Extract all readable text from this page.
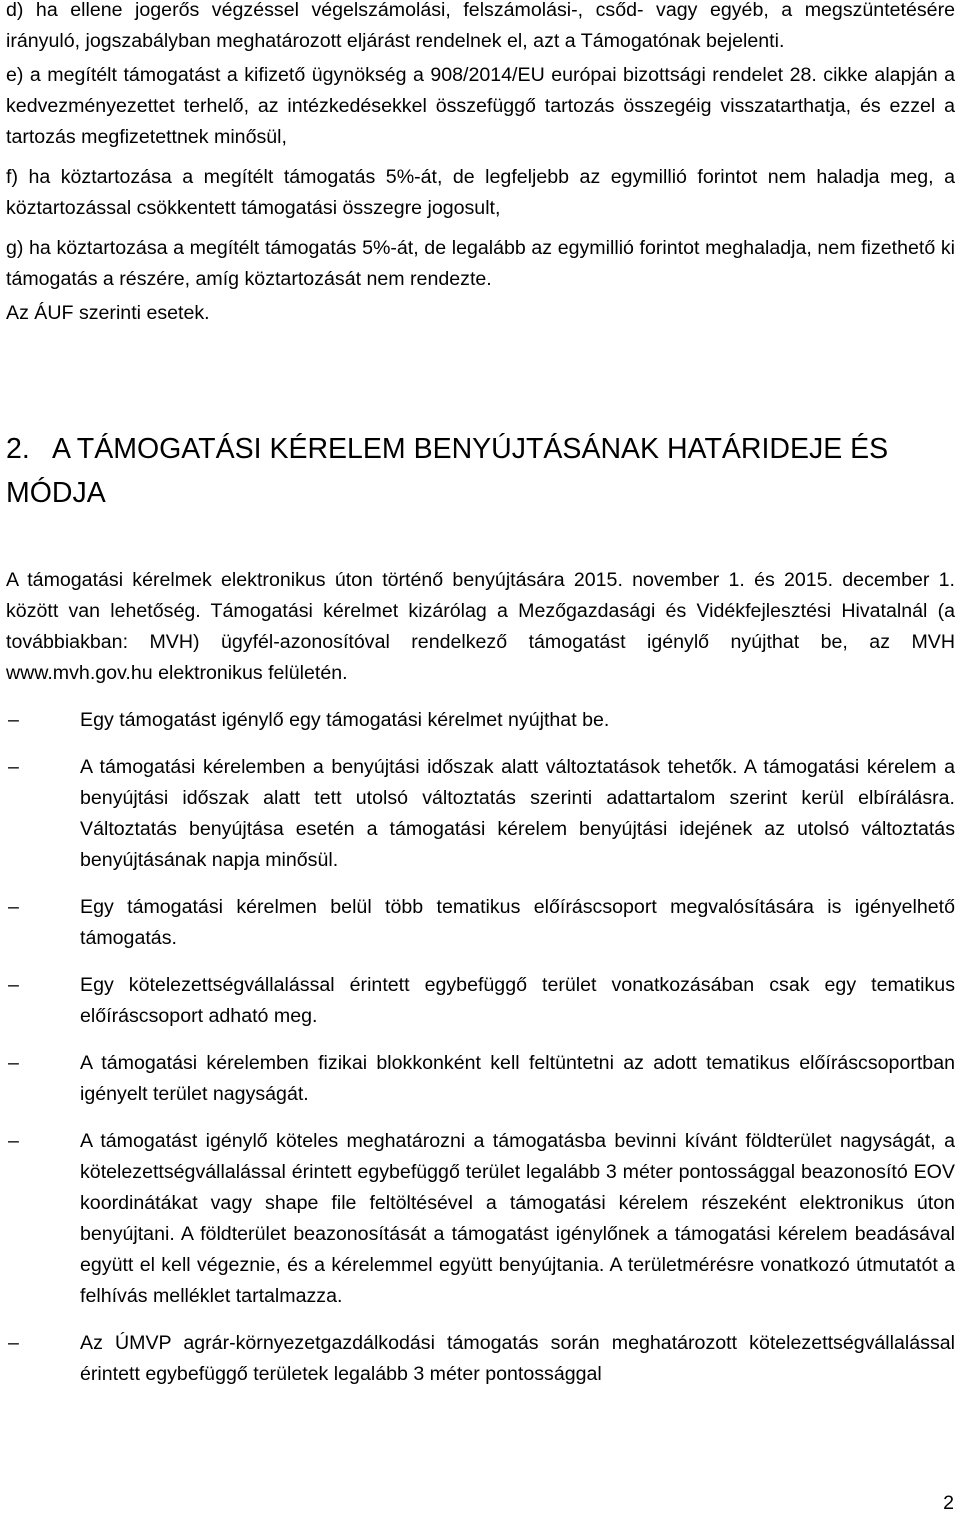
d) ha ellene jogerős végzéssel végelszámolási, felszámolási-, csőd- vagy egyéb, a megszüntetésére irányuló, jogszabályban meghatározott eljárást rendelnek el, azt a Támogatónak bejelenti.

e) a megítélt támogatást a kifizető ügynökség a 908/2014/EU európai bizottsági rendelet 28. cikke alapján a kedvezményezettet terhelő, az intézkedésekkel összefüggő tartozás összegéig visszatarthatja, és ezzel a tartozás megfizetettnek minősül,

f) ha köztartozása a megítélt támogatás 5%-át, de legfeljebb az egymillió forintot nem haladja meg, a köztartozással csökkentett támogatási összegre jogosult,

g) ha köztartozása a megítélt támogatás 5%-át, de legalább az egymillió forintot meghaladja, nem fizethető ki támogatás a részére, amíg köztartozását nem rendezte.

Az ÁUF szerinti esetek.

2.   A TÁMOGATÁSI KÉRELEM BENYÚJTÁSÁNAK HATÁRIDEJE ÉS MÓDJA

A támogatási kérelmek elektronikus úton történő benyújtására 2015. november 1. és 2015. december 1. között van lehetőség. Támogatási kérelmet kizárólag a Mezőgazdasági és Vidékfejlesztési Hivatalnál (a továbbiakban: MVH) ügyfél-azonosítóval rendelkező támogatást igénylő nyújthat be, az MVH www.mvh.gov.hu elektronikus felületén.

–	Egy támogatást igénylő egy támogatási kérelmet nyújthat be.
–	A támogatási kérelemben a benyújtási időszak alatt változtatások tehetők. A támogatási kérelem a benyújtási időszak alatt tett utolsó változtatás szerinti adattartalom szerint kerül elbírálásra. Változtatás benyújtása esetén a támogatási kérelem benyújtási idejének az utolsó változtatás benyújtásának napja minősül.
–	Egy támogatási kérelmen belül több tematikus előíráscsoport megvalósítására is igényelhető támogatás.
–	Egy kötelezettségvállalással érintett egybefüggő terület vonatkozásában csak egy tematikus előíráscsoport adható meg.
–	A támogatási kérelemben fizikai blokkonként kell feltüntetni az adott tematikus előíráscsoportban igényelt terület nagyságát.
–	A támogatást igénylő köteles meghatározni a támogatásba bevinni kívánt földterület nagyságát, a kötelezettségvállalással érintett egybefüggő terület legalább 3 méter pontossággal beazonosító EOV koordinátákat vagy shape file feltöltésével a támogatási kérelem részeként elektronikus úton benyújtani. A földterület beazonosítását a támogatást igénylőnek a támogatási kérelem beadásával együtt el kell végeznie, és a kérelemmel együtt benyújtania. A területmérésre vonatkozó útmutatót a felhívás melléklet tartalmazza.
–	Az ÚMVP agrár-környezetgazdálkodási támogatás során meghatározott kötelezettségvállalással érintett egybefüggő területek legalább 3 méter pontossággal
2
